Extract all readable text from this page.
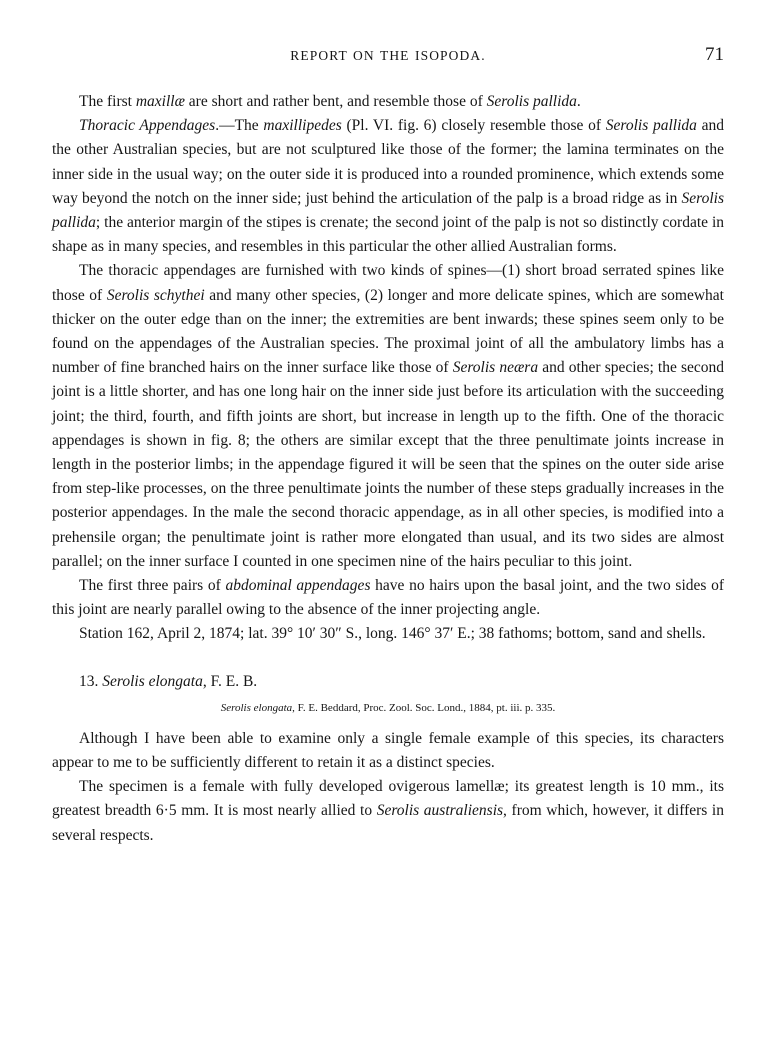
REPORT ON THE ISOPODA.	71

The first maxillæ are short and rather bent, and resemble those of Serolis pallida.

Thoracic Appendages.—The maxillipedes (Pl. VI. fig. 6) closely resemble those of Serolis pallida and the other Australian species, but are not sculptured like those of the former; the lamina terminates on the inner side in the usual way; on the outer side it is produced into a rounded prominence, which extends some way beyond the notch on the inner side; just behind the articulation of the palp is a broad ridge as in Serolis pallida; the anterior margin of the stipes is crenate; the second joint of the palp is not so distinctly cordate in shape as in many species, and resembles in this particular the other allied Australian forms.

The thoracic appendages are furnished with two kinds of spines—(1) short broad serrated spines like those of Serolis schythei and many other species, (2) longer and more delicate spines, which are somewhat thicker on the outer edge than on the inner; the extremities are bent inwards; these spines seem only to be found on the appendages of the Australian species. The proximal joint of all the ambulatory limbs has a number of fine branched hairs on the inner surface like those of Serolis neæra and other species; the second joint is a little shorter, and has one long hair on the inner side just before its articulation with the succeeding joint; the third, fourth, and fifth joints are short, but increase in length up to the fifth. One of the thoracic appendages is shown in fig. 8; the others are similar except that the three penultimate joints increase in length in the posterior limbs; in the appendage figured it will be seen that the spines on the outer side arise from step-like processes, on the three penultimate joints the number of these steps gradually increases in the posterior appendages. In the male the second thoracic appendage, as in all other species, is modified into a prehensile organ; the penultimate joint is rather more elongated than usual, and its two sides are almost parallel; on the inner surface I counted in one specimen nine of the hairs peculiar to this joint.

The first three pairs of abdominal appendages have no hairs upon the basal joint, and the two sides of this joint are nearly parallel owing to the absence of the inner projecting angle.

Station 162, April 2, 1874; lat. 39° 10′ 30″ S., long. 146° 37′ E.; 38 fathoms; bottom, sand and shells.

13. Serolis elongata, F. E. B.

Serolis elongata, F. E. Beddard, Proc. Zool. Soc. Lond., 1884, pt. iii. p. 335.

Although I have been able to examine only a single female example of this species, its characters appear to me to be sufficiently different to retain it as a distinct species.

The specimen is a female with fully developed ovigerous lamellæ; its greatest length is 10 mm., its greatest breadth 6·5 mm. It is most nearly allied to Serolis australiensis, from which, however, it differs in several respects.
